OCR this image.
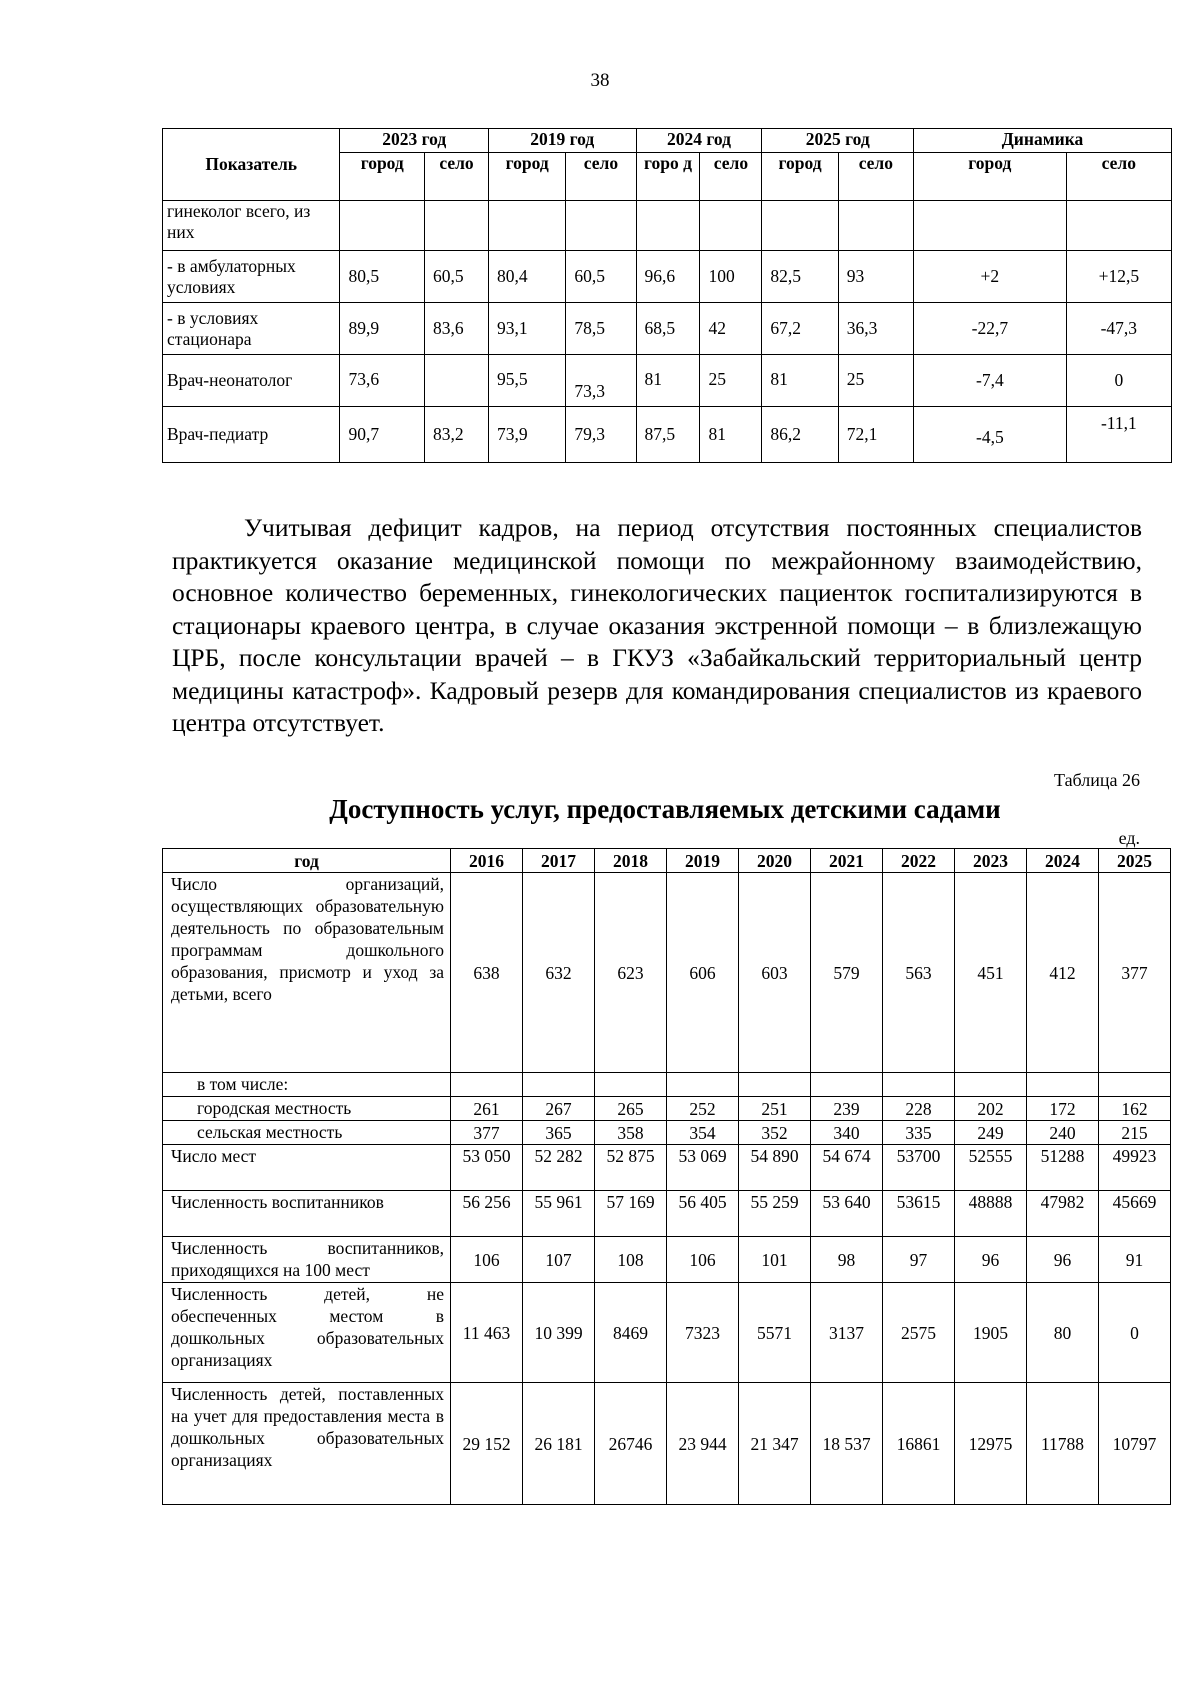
38
Показатель	2023 год		2019 год		2024 год		2025 год		Динамика	
	город	село	город	село	горо д	село	город	село	город	село
гинеколог всего, из них										
- в амбулаторных условиях	80,5	60,5	80,4	60,5	96,6	100	82,5	93	+2	+12,5
- в условиях стационара	89,9	83,6	93,1	78,5	68,5	42	67,2	36,3	-22,7	-47,3
Врач-неонатолог	73,6		95,5	73,3	81	25	81	25	-7,4	0
Врач-педиатр	90,7	83,2	73,9	79,3	87,5	81	86,2	72,1	-4,5	-11,1

Учитывая дефицит кадров, на период отсутствия постоянных специалистов практикуется оказание медицинской помощи по межрайонному взаимодействию, основное количество беременных, гинекологических пациенток госпитализируются в стационары краевого центра, в случае оказания экстренной помощи – в близлежащую ЦРБ, после консультации врачей – в ГКУЗ «Забайкальский территориальный центр медицины катастроф». Кадровый резерв для командирования специалистов из краевого центра отсутствует.

Таблица 26
Доступность услуг, предоставляемых детскими садами
ед.
год	2016	2017	2018	2019	2020	2021	2022	2023	2024	2025
Число организаций, осуществляющих образовательную деятельность по образовательным программам дошкольного образования, присмотр и уход за детьми, всего	638	632	623	606	603	579	563	451	412	377
в том числе:										
городская местность	261	267	265	252	251	239	228	202	172	162
сельская местность	377	365	358	354	352	340	335	249	240	215
Число мест	53 050	52 282	52 875	53 069	54 890	54 674	53700	52555	51288	49923
Численность воспитанников	56 256	55 961	57 169	56 405	55 259	53 640	53615	48888	47982	45669
Численность воспитанников, приходящихся на 100 мест	106	107	108	106	101	98	97	96	96	91
Численность детей, не обеспеченных местом в дошкольных образовательных организациях	11 463	10 399	8469	7323	5571	3137	2575	1905	80	0
Численность детей, поставленных на учет для предоставления места в дошкольных образовательных организациях	29 152	26 181	26746	23 944	21 347	18 537	16861	12975	11788	10797
